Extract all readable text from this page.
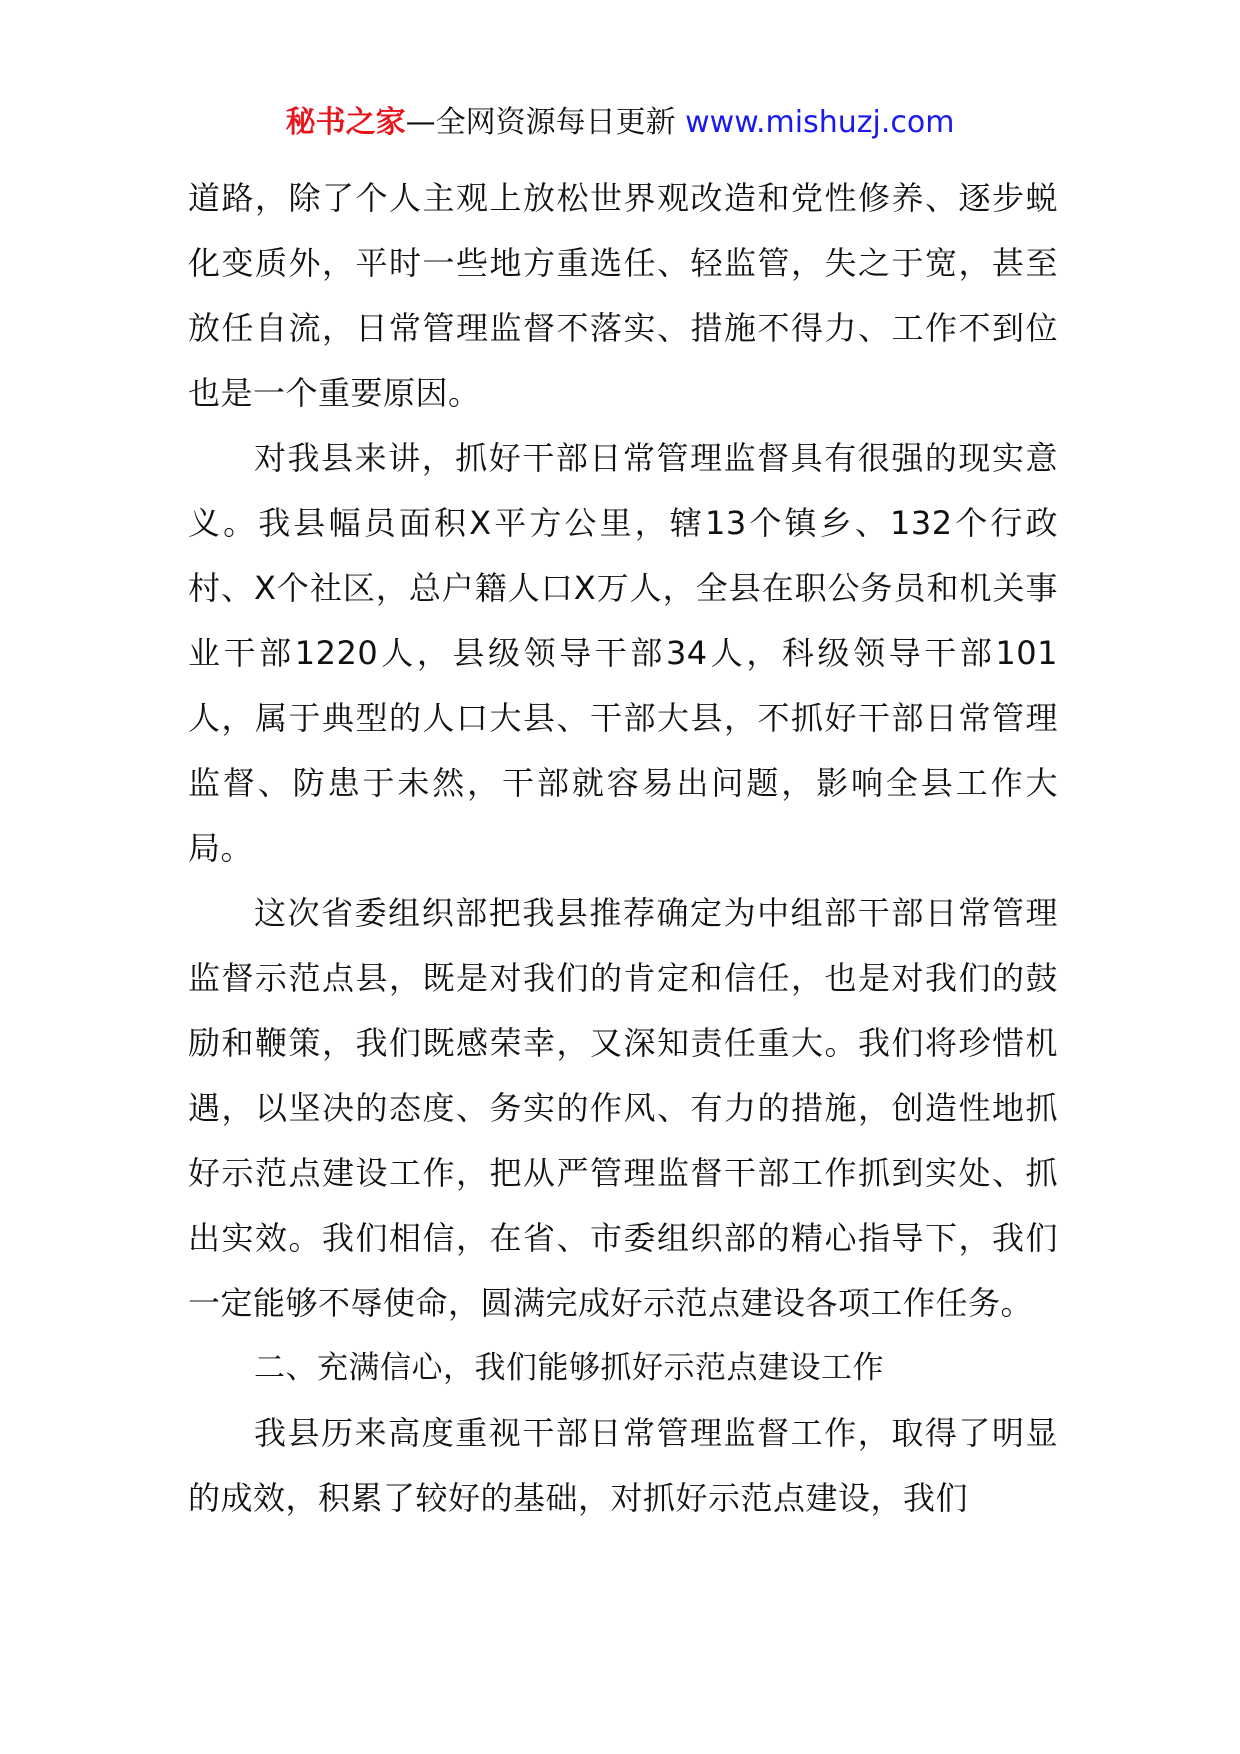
秘书之家—全网资源每日更新 www.mishuzj.com

道路，除了个人主观上放松世界观改造和党性修养、逐步蜕化变质外，平时一些地方重选任、轻监管，失之于宽，甚至放任自流，日常管理监督不落实、措施不得力、工作不到位也是一个重要原因。

对我县来讲，抓好干部日常管理监督具有很强的现实意义。我县幅员面积X平方公里，辖13个镇乡、132个行政村、X个社区，总户籍人口X万人，全县在职公务员和机关事业干部1220人，县级领导干部34人，科级领导干部101人，属于典型的人口大县、干部大县，不抓好干部日常管理监督、防患于未然，干部就容易出问题，影响全县工作大局。

这次省委组织部把我县推荐确定为中组部干部日常管理监督示范点县，既是对我们的肯定和信任，也是对我们的鼓励和鞭策，我们既感荣幸，又深知责任重大。我们将珍惜机遇，以坚决的态度、务实的作风、有力的措施，创造性地抓好示范点建设工作，把从严管理监督干部工作抓到实处、抓出实效。我们相信，在省、市委组织部的精心指导下，我们一定能够不辱使命，圆满完成好示范点建设各项工作任务。

二、充满信心，我们能够抓好示范点建设工作

我县历来高度重视干部日常管理监督工作，取得了明显的成效，积累了较好的基础，对抓好示范点建设，我们
